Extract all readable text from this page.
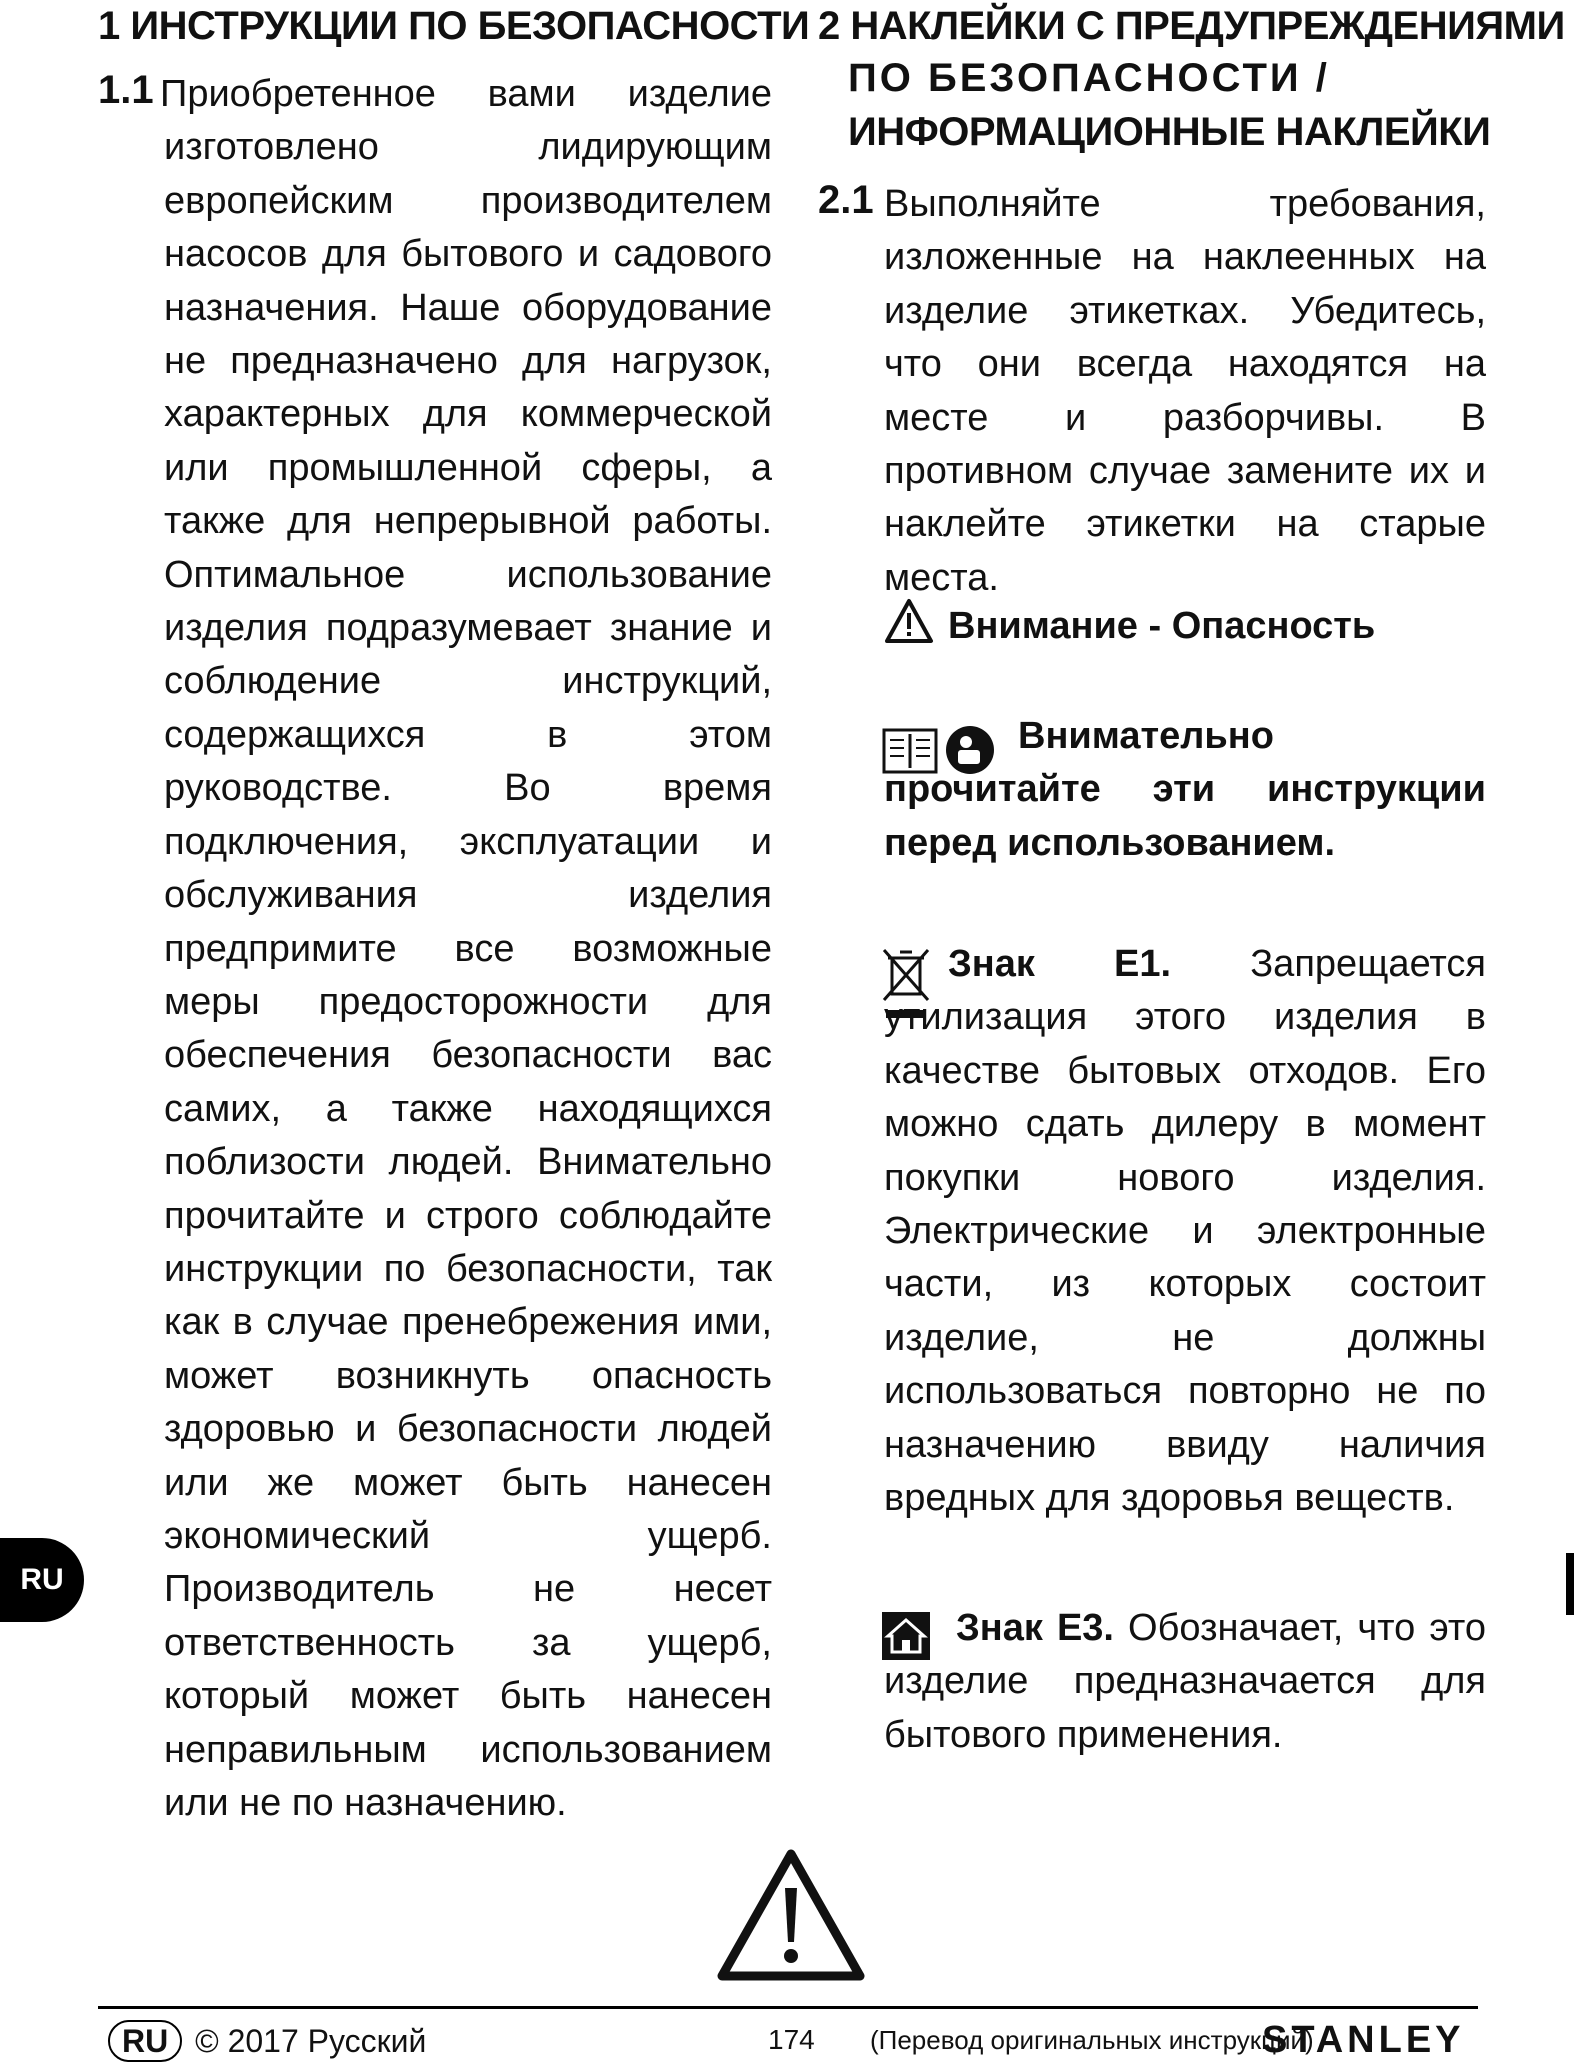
1 ИНСТРУКЦИИ ПО БЕЗОПАСНОСТИ
1.1 Приобретенное вами изделие изготовлено лидирующим европейским производителем насосов для бытового и садового назначения. Наше оборудование не предназначено для нагрузок, характерных для коммерческой или промышленной сферы, а также для непрерывной работы. Оптимальное использование изделия подразумевает знание и соблюдение инструкций, содержащихся в этом руководстве. Во время подключения, эксплуатации и обслуживания изделия предпримите все возможные меры предосторожности для обеспечения безопасности вас самих, а также находящихся поблизости людей. Внимательно прочитайте и строго соблюдайте инструкции по безопасности, так как в случае пренебрежения ими, может возникнуть опасность здоровью и безопасности людей или же может быть нанесен экономический ущерб. Производитель не несет ответственность за ущерб, который может быть нанесен неправильным использованием или не по назначению.
2 НАКЛЕЙКИ С ПРЕДУПРЕЖДЕНИЯМИ
ПО БЕЗОПАСНОСТИ /
ИНФОРМАЦИОННЫЕ НАКЛЕЙКИ
2.1 Выполняйте требования, изложенные на наклеенных на изделие этикетках. Убедитесь, что они всегда находятся на месте и разборчивы. В противном случае замените их и наклейте этикетки на старые места.
Внимание - Опасность
Внимательно прочитайте эти инструкции перед использованием.
Знак E1. Запрещается утилизация этого изделия в качестве бытовых отходов. Его можно сдать дилеру в момент покупки нового изделия. Электрические и электронные части, из которых состоит изделие, не должны использоваться повторно не по назначению ввиду наличия вредных для здоровья веществ.
Знак E3. Обозначает, что это изделие предназначается для бытового применения.
RU
RU © 2017 Русский	174 (Перевод оригинальных инструкций)
STANLEY
